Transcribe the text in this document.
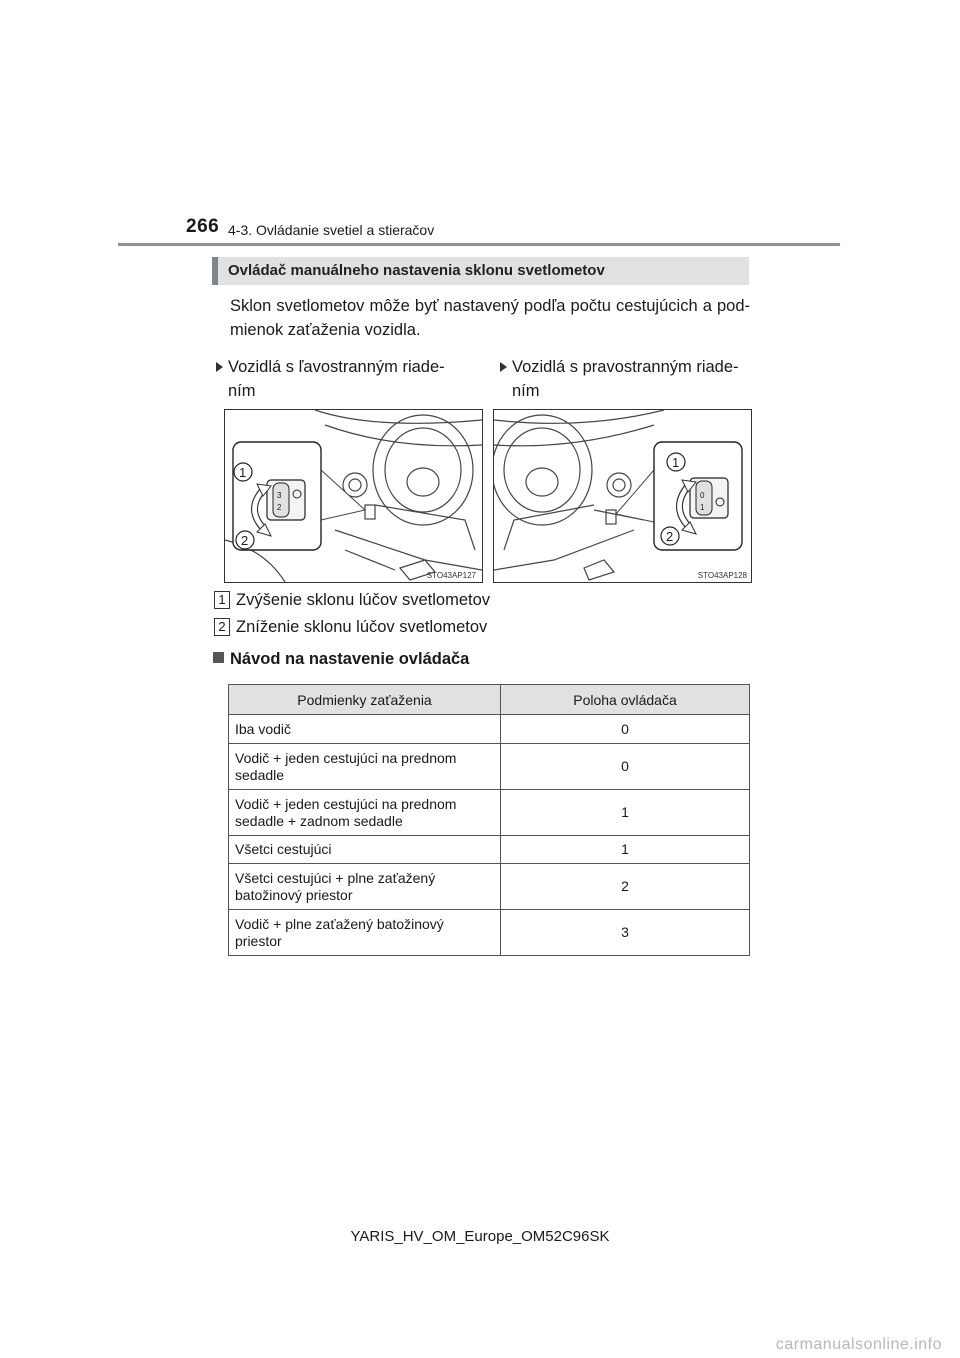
266 4-3. Ovládanie svetiel a stieračov
Ovládač manuálneho nastavenia sklonu svetlometov
Sklon svetlometov môže byť nastavený podľa počtu cestujúcich a pod-mienok zaťaženia vozidla.
Vozidlá s ľavostranným riade-
ním
Vozidlá s pravostranným riade-
ním
3
2
1
2
STO43AP127
0
1
1
2
STO43AP128
1 Zvýšenie sklonu lúčov svetlometov
2 Zníženie sklonu lúčov svetlometov
Návod na nastavenie ovládača
Podmienky zaťaženia	Poloha ovládača
Iba vodič	0
Vodič + jeden cestujúci na prednom sedadle	0
Vodič + jeden cestujúci na prednom sedadle + zadnom sedadle	1
Všetci cestujúci	1
Všetci cestujúci + plne zaťažený batožinový priestor	2
Vodič + plne zaťažený batožinový priestor	3
YARIS_HV_OM_Europe_OM52C96SK
carmanualsonline.info
